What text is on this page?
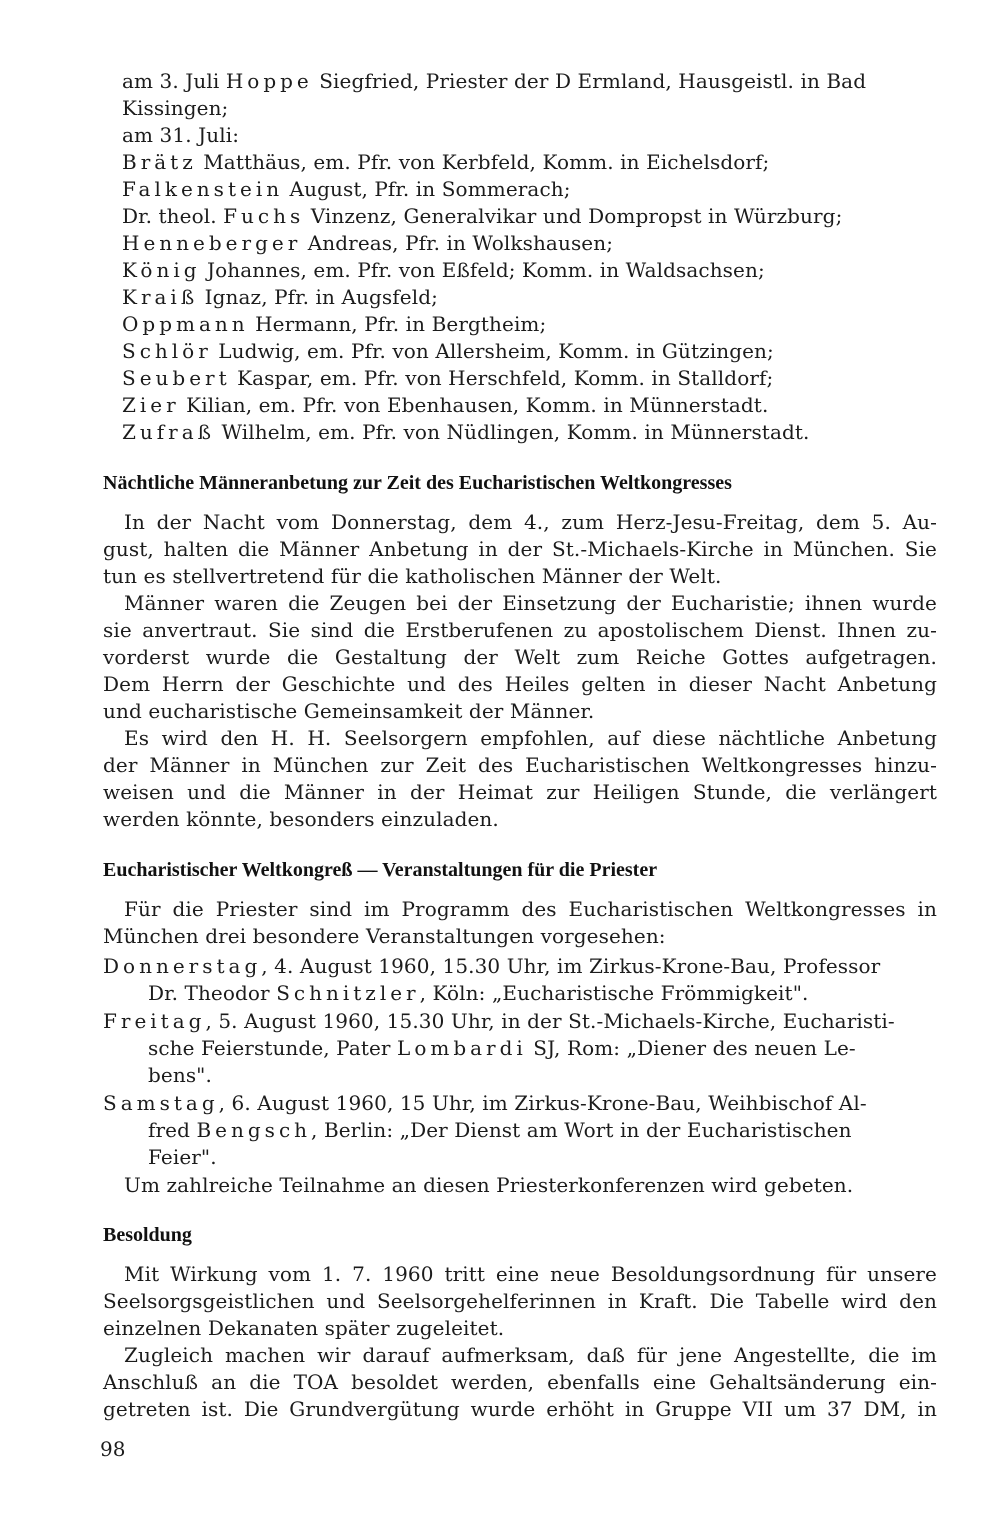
am 3. Juli Hoppe Siegfried, Priester der D Ermland, Hausgeistl. in Bad
Kissingen;
am 31. Juli:
Brätz Matthäus, em. Pfr. von Kerbfeld, Komm. in Eichelsdorf;
Falkenstein August, Pfr. in Sommerach;
Dr. theol. Fuchs Vinzenz, Generalvikar und Dompropst in Würzburg;
Henneberger Andreas, Pfr. in Wolkshausen;
König Johannes, em. Pfr. von Eßfeld; Komm. in Waldsachsen;
Kraiß Ignaz, Pfr. in Augsfeld;
Oppmann Hermann, Pfr. in Bergtheim;
Schlör Ludwig, em. Pfr. von Allersheim, Komm. in Gützingen;
Seubert Kaspar, em. Pfr. von Herschfeld, Komm. in Stalldorf;
Zier Kilian, em. Pfr. von Ebenhausen, Komm. in Münnerstadt.
Zufraß Wilhelm, em. Pfr. von Nüdlingen, Komm. in Münnerstadt.
Nächtliche Männeranbetung zur Zeit des Eucharistischen Weltkongresses
In der Nacht vom Donnerstag, dem 4., zum Herz-Jesu-Freitag, dem 5. Au-
gust, halten die Männer Anbetung in der St.-Michaels-Kirche in München. Sie
tun es stellvertretend für die katholischen Männer der Welt.
Männer waren die Zeugen bei der Einsetzung der Eucharistie; ihnen wurde
sie anvertraut. Sie sind die Erstberufenen zu apostolischem Dienst. Ihnen zu-
vorderst wurde die Gestaltung der Welt zum Reiche Gottes aufgetragen.
Dem Herrn der Geschichte und des Heiles gelten in dieser Nacht Anbetung
und eucharistische Gemeinsamkeit der Männer.
Es wird den H. H. Seelsorgern empfohlen, auf diese nächtliche Anbetung
der Männer in München zur Zeit des Eucharistischen Weltkongresses hinzu-
weisen und die Männer in der Heimat zur Heiligen Stunde, die verlängert
werden könnte, besonders einzuladen.
Eucharistischer Weltkongreß — Veranstaltungen für die Priester
Für die Priester sind im Programm des Eucharistischen Weltkongresses in
München drei besondere Veranstaltungen vorgesehen:
Donnerstag, 4. August 1960, 15.30 Uhr, im Zirkus-Krone-Bau, Professor
Dr. Theodor Schnitzler, Köln: „Eucharistische Frömmigkeit".
Freitag, 5. August 1960, 15.30 Uhr, in der St.-Michaels-Kirche, Eucharisti-
sche Feierstunde, Pater Lombardi SJ, Rom: „Diener des neuen Le-
bens".
Samstag, 6. August 1960, 15 Uhr, im Zirkus-Krone-Bau, Weihbischof Al-
fred Bengsch, Berlin: „Der Dienst am Wort in der Eucharistischen
Feier".
Um zahlreiche Teilnahme an diesen Priesterkonferenzen wird gebeten.
Besoldung
Mit Wirkung vom 1. 7. 1960 tritt eine neue Besoldungsordnung für unsere
Seelsorgsgeistlichen und Seelsorgehelferinnen in Kraft. Die Tabelle wird den
einzelnen Dekanaten später zugeleitet.
Zugleich machen wir darauf aufmerksam, daß für jene Angestellte, die im
Anschluß an die TOA besoldet werden, ebenfalls eine Gehaltsänderung ein-
getreten ist. Die Grundvergütung wurde erhöht in Gruppe VII um 37 DM, in
98
